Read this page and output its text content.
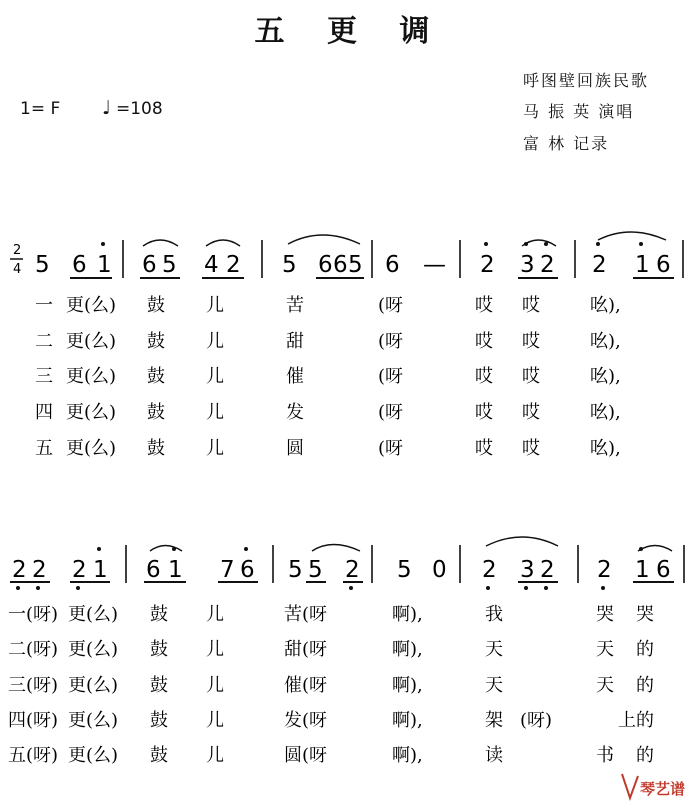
五 更 调
1= F ♩ =108
呼图壁回族民歌
马 振 英 演唱
富 林 记录
2
4 5 6 1 6 5 4 2 5 6 6 5 6 — 2 3 2 2 1 6
2 2 2 1 6 1 7 6 5 5 2 5 0 2 3 2 2 1 6
一 更(么) 鼓 儿	苦	(呀	哎 哎	吆),
二 更(么) 鼓 儿	甜	(呀	哎 哎	吆),
三 更(么) 鼓 儿	催	(呀	哎 哎	吆),
四 更(么) 鼓 儿	发	(呀	哎 哎	吆),
五 更(么) 鼓 儿	圆	(呀	哎 哎	吆),
一(呀) 更(么) 鼓 儿	苦(呀	啊),	我	哭 哭
二(呀) 更(么) 鼓 儿	甜(呀	啊),	天	天 的
三(呀) 更(么) 鼓 儿	催(呀	啊),	天	天 的
四(呀) 更(么) 鼓 儿	发(呀	啊),	架 (呀)	上的
五(呀) 更(么) 鼓 儿	圆(呀	啊),	读	书 的
琴艺谱
